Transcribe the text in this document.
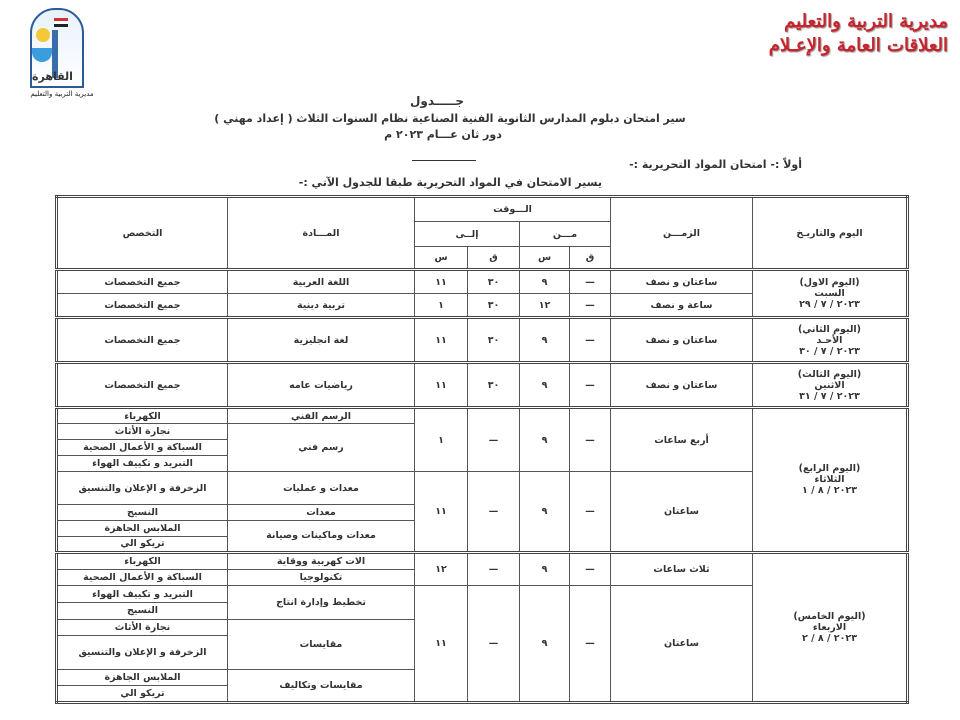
القاهرة
مديرية التربية والتعليم
مديرية التربية والتعليم
العلاقات العامة والإعـلام
جـــــدول
سير امتحان دبلوم المدارس الثانوية الفنية الصناعية نظام السنوات الثلاث ( إعداد مهني )
دور ثان عـــام ٢٠٢٣ م
أولاً :- امتحان المواد التحريرية :-
يسير الامتحان في المواد التحريرية طبقا للجدول الآتي :-
اليوم والتاريـخ	الزمـــن	الـــوقت				المـــادة	التخصص
		مـــن		إلــى			
		ق	س	ق	س		

(اليوم الاول)
السبت
٢٠٢٣ / ٧ / ٢٩	ساعتان و نصف	—	٩	٣٠	١١	اللغة العربية	جميع التخصصات
	ساعة و نصف	—	١٢	٣٠	١	تربية دينية	جميع التخصصات

(اليوم الثاني)
الأحـد
٢٠٢٣ / ٧ / ٣٠	ساعتان و نصف	—	٩	٣٠	١١	لغة انجليزية	جميع التخصصات

(اليوم الثالث)
الاثنين
٢٠٢٣ / ٧ / ٣١	ساعتان و نصف	—	٩	٣٠	١١	رياضيات عامه	جميع التخصصات

(اليوم الرابع)
الثلاثاء
٢٠٢٣ / ٨ / ١	أربع ساعات	—	٩	—	١	الرسم الفني	الكهرباء
						رسم فني	نجارة الأثاث
							السباكة و الأعمال الصحية
							التبريد و تكييف الهواء
	ساعتان	—	٩	—	١١	معدات و عمليات	الزخرفة و الإعلان والتنسيق

						معدات	النسيج
						معدات وماكينات وصيانة	الملابس الجاهزة
							تريكو الي

(اليوم الخامس)
الاربعاء
٢٠٢٣ / ٨ / ٢	ثلاث ساعات	—	٩	—	١٢	الات كهربية ووقاية	الكهرباء
						تكنولوجيا	السباكة و الأعمال الصحية
	ساعتان	—	٩	—	١١	تخطيط وإدارة انتاج	التبريد و تكييف الهواء
							النسيج
						مقايسات	نجارة الأثاث
							الزخرفة و الإعلان والتنسيق

						مقايسات وتكاليف	الملابس الجاهزة
							تريكو الي
